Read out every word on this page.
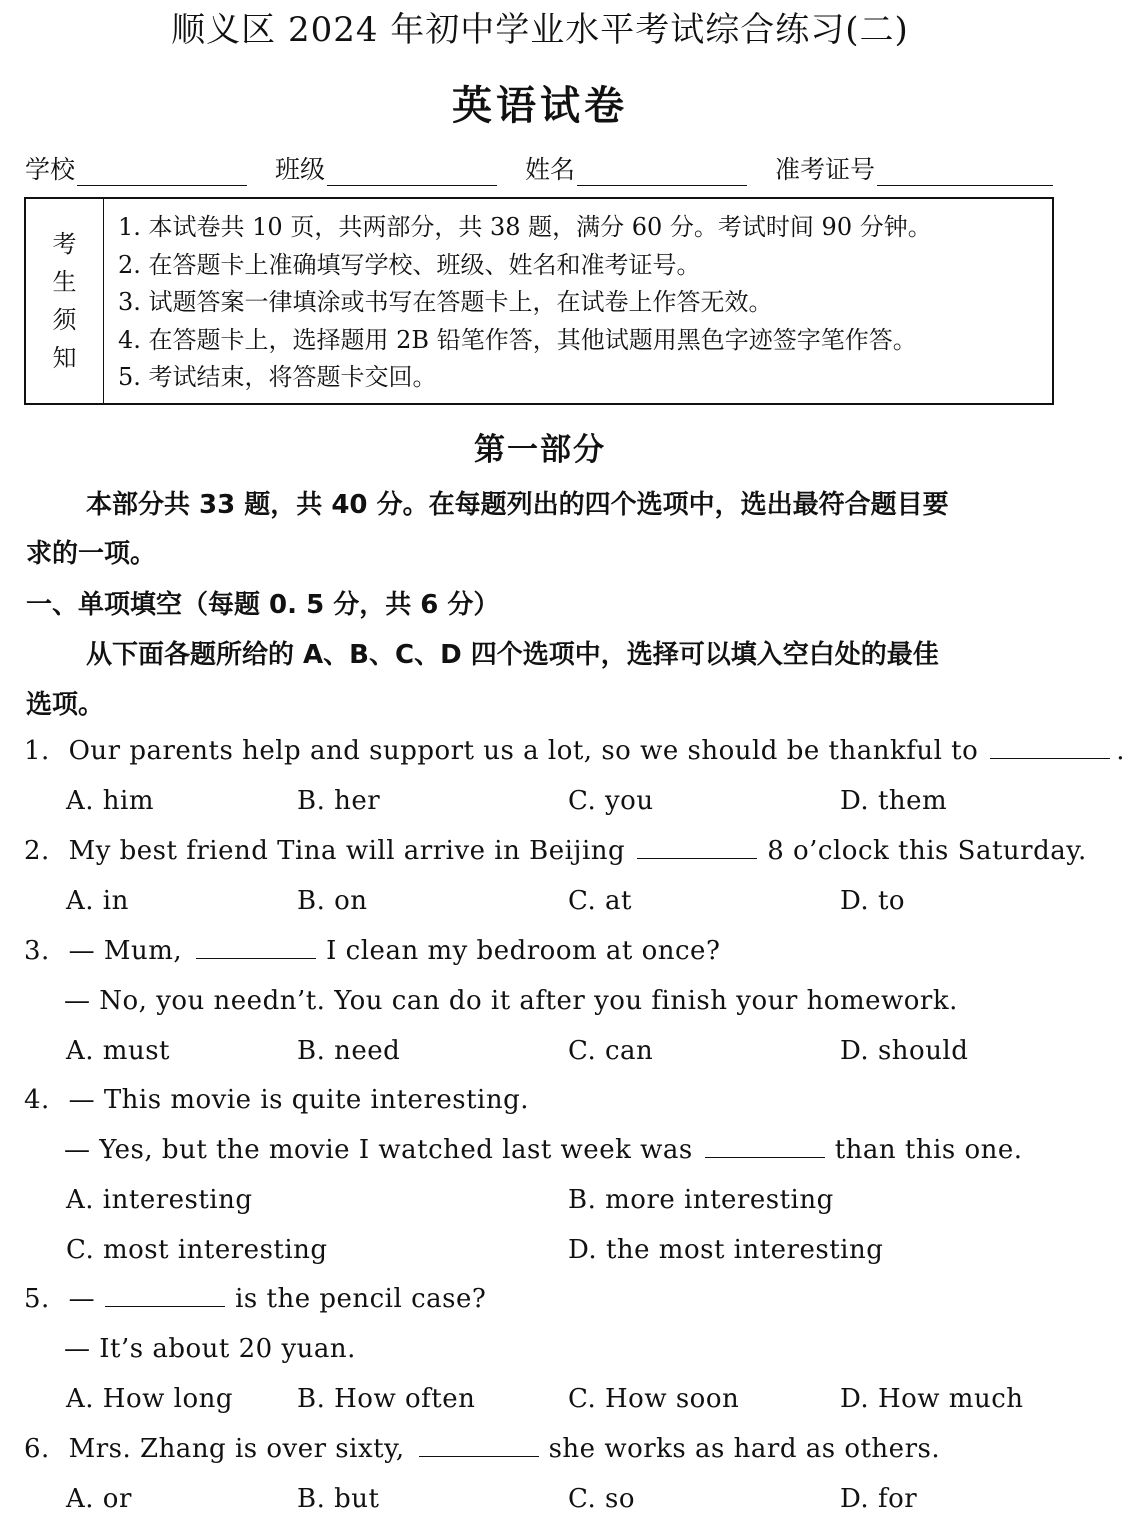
顺义区 2024 年初中学业水平考试综合练习(二)
英语试卷
学校	班级	姓名	准考证号
考
生
须
知
1. 本试卷共 10 页，共两部分，共 38 题，满分 60 分。考试时间 90 分钟。
2. 在答题卡上准确填写学校、班级、姓名和准考证号。
3. 试题答案一律填涂或书写在答题卡上，在试卷上作答无效。
4. 在答题卡上，选择题用 2B 铅笔作答，其他试题用黑色字迹签字笔作答。
5. 考试结束，将答题卡交回。
第一部分
本部分共 33 题，共 40 分。在每题列出的四个选项中，选出最符合题目要
求的一项。
一、单项填空（每题 0. 5 分，共 6 分）
从下面各题所给的 A、B、C、D 四个选项中，选择可以填入空白处的最佳
选项。
1. Our parents help and support us a lot, so we should be thankful to	.
A. him	B. her	C. you	D. them
2. My best friend Tina will arrive in Beijing	8 o’clock this Saturday.
A. in	B. on	C. at	D. to
3. — Mum,	I clean my bedroom at once?
— No, you needn’t. You can do it after you finish your homework.
A. must	B. need	C. can	D. should
4. — This movie is quite interesting.
— Yes, but the movie I watched last week was	than this one.
A. interesting	B. more interesting
C. most interesting	D. the most interesting
5. —	is the pencil case?
— It’s about 20 yuan.
A. How long B. How often	C. How soon	D. How much
6. Mrs. Zhang is over sixty,	she works as hard as others.
A. or	B. but	C. so	D. for
